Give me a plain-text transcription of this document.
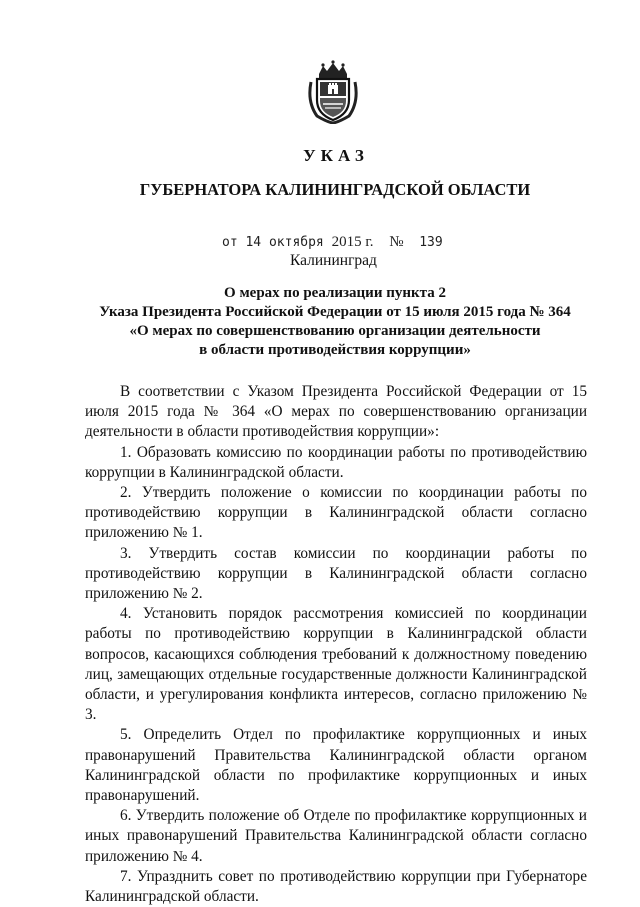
УКАЗ
ГУБЕРНАТОРА КАЛИНИНГРАДСКОЙ ОБЛАСТИ
от 14 октября 2015 г. № 139
Калининград
О мерах по реализации пункта 2
Указа Президента Российской Федерации от 15 июля 2015 года № 364
«О мерах по совершенствованию организации деятельности
в области противодействия коррупции»

В соответствии с Указом Президента Российской Федерации от 15 июля 2015 года № 364 «О мерах по совершенствованию организации деятельности в области противодействия коррупции»:

1. Образовать комиссию по координации работы по противодействию коррупции в Калининградской области.

2. Утвердить положение о комиссии по координации работы по противодействию коррупции в Калининградской области согласно приложению № 1.

3. Утвердить состав комиссии по координации работы по противодействию коррупции в Калининградской области согласно приложению № 2.

4. Установить порядок рассмотрения комиссией по координации работы по противодействию коррупции в Калининградской области вопросов, касающихся соблюдения требований к должностному поведению лиц, замещающих отдельные государственные должности Калининградской области, и урегулирования конфликта интересов, согласно приложению № 3.

5. Определить Отдел по профилактике коррупционных и иных правонарушений Правительства Калининградской области органом Калининградской области по профилактике коррупционных и иных правонарушений.

6. Утвердить положение об Отделе по профилактике коррупционных и иных правонарушений Правительства Калининградской области согласно приложению № 4.

7. Упразднить совет по противодействию коррупции при Губернаторе Калининградской области.
